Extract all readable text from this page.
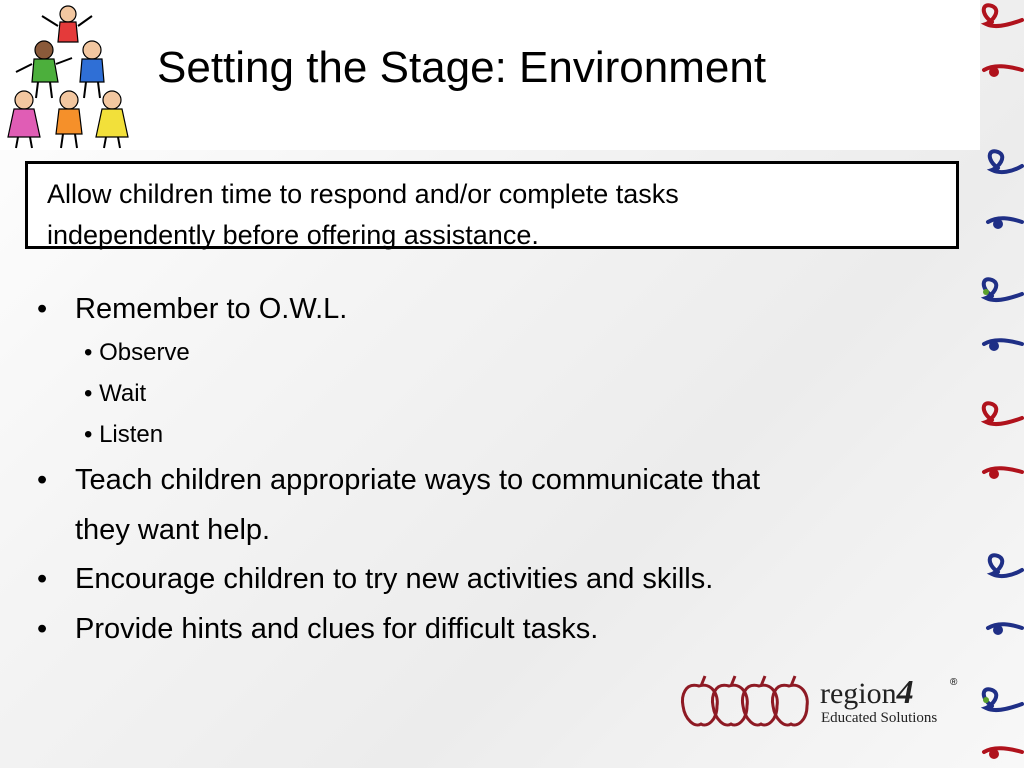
Setting the Stage: Environment
Allow children time to respond and/or complete tasks
independently before offering assistance.
• Remember to O.W.L.
• Observe
• Wait
• Listen
• Teach children appropriate ways to communicate that
they want help.
• Encourage children to try new activities and skills.
• Provide hints and clues for difficult tasks.
region4	®
Educated Solutions
